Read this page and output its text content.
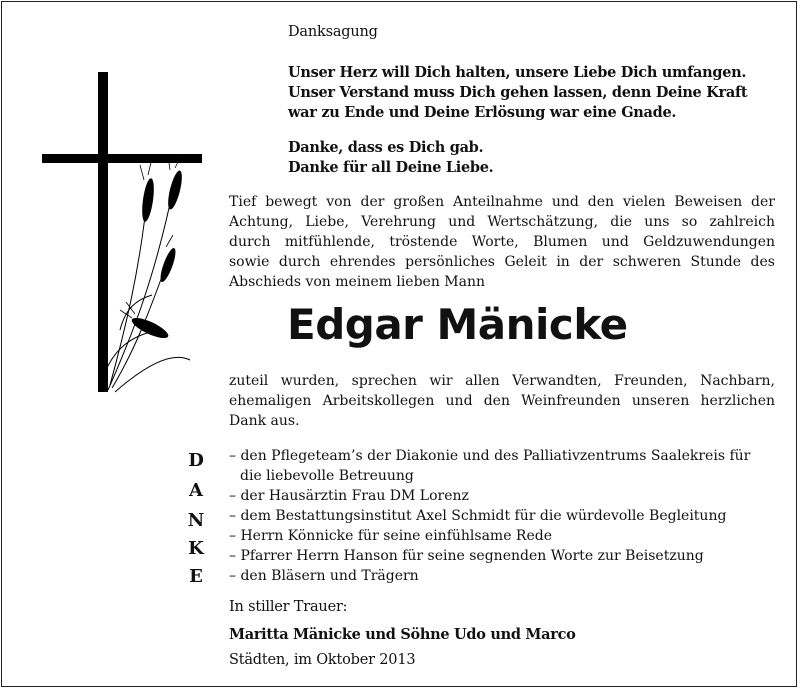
Danksagung

Unser Herz will Dich halten, unsere Liebe Dich umfangen.

Unser Verstand muss Dich gehen lassen, denn Deine Kraft

war zu Ende und Deine Erlösung war eine Gnade.

Danke, dass es Dich gab.

Danke für all Deine Liebe.

Tief bewegt von der großen Anteilnahme und den vielen Beweisen der

Achtung, Liebe, Verehrung und Wertschätzung, die uns so zahlreich

durch mitfühlende, tröstende Worte, Blumen und Geldzuwendungen

sowie durch ehrendes persönliches Geleit in der schweren Stunde des

Abschieds von meinem lieben Mann

Edgar Mänicke

zuteil wurden, sprechen wir allen Verwandten, Freunden, Nachbarn,

ehemaligen Arbeitskollegen und den Weinfreunden unseren herzlichen

Dank aus.

D

A

N

K

E

– den Pflegeteam’s der Diakonie und des Palliativzentrums Saalekreis für

die liebevolle Betreuung

– der Hausärztin Frau DM Lorenz

– dem Bestattungsinstitut Axel Schmidt für die würdevolle Begleitung

– Herrn Könnicke für seine einfühlsame Rede

– Pfarrer Herrn Hanson für seine segnenden Worte zur Beisetzung

– den Bläsern und Trägern

In stiller Trauer:

Maritta Mänicke und Söhne Udo und Marco

Städten, im Oktober 2013
